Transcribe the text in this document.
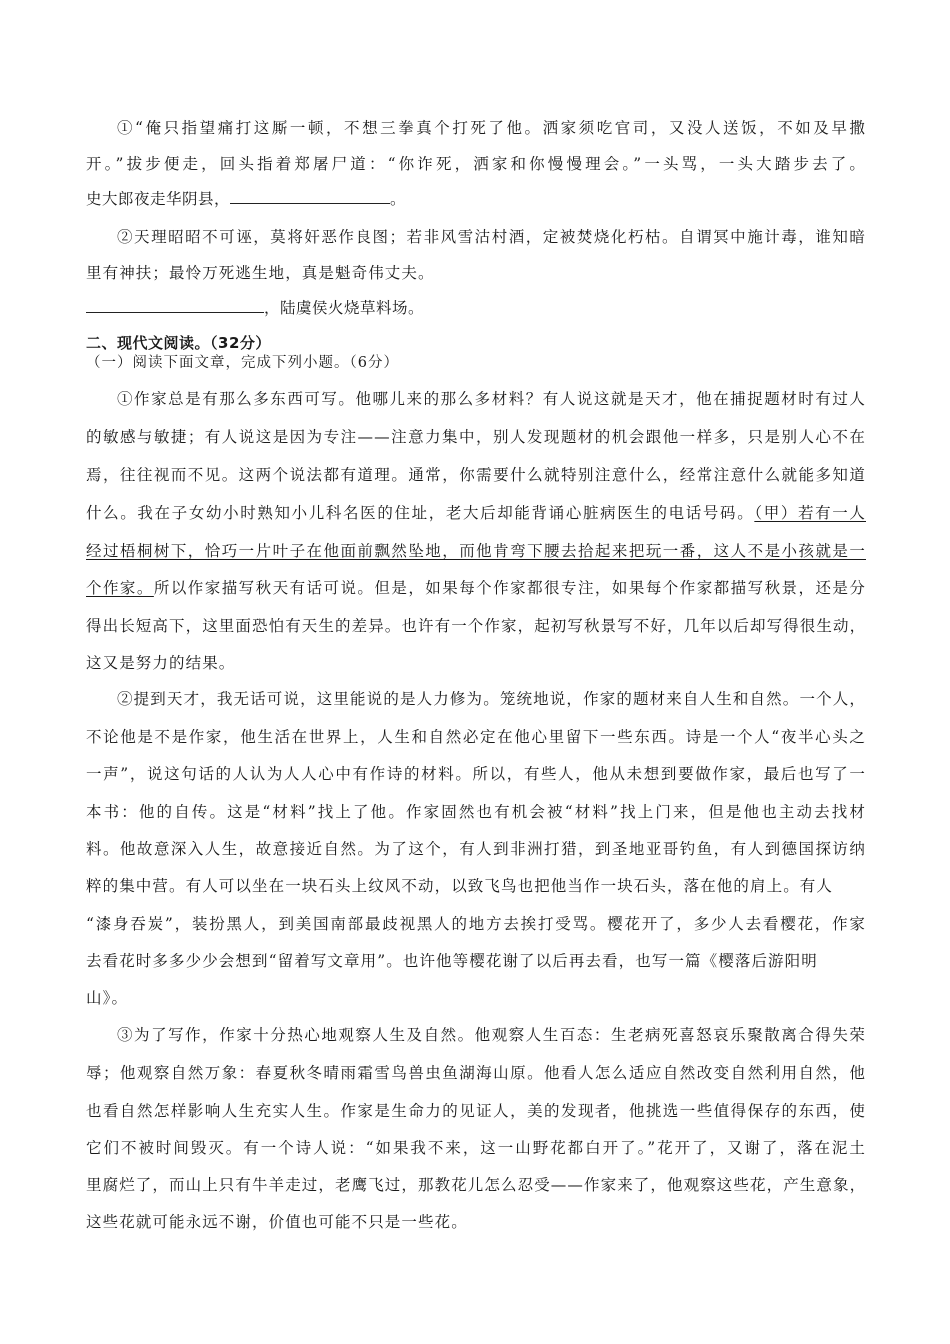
①“俺只指望痛打这厮一顿，不想三拳真个打死了他。洒家须吃官司，又没人送饭，不如及早撒
开。”拔步便走，回头指着郑屠尸道：“你诈死，洒家和你慢慢理会。”一头骂，一头大踏步去了。
史大郎夜走华阴县，	。
②天理昭昭不可诬，莫将奸恶作良图；若非风雪沽村酒，定被焚烧化朽枯。自谓冥中施计毒，谁知暗
里有神扶；最怜万死逃生地，真是魁奇伟丈夫。
，陆虞侯火烧草料场。
二、现代文阅读。（32分）
（一）阅读下面文章，完成下列小题。（6分）
①作家总是有那么多东西可写。他哪儿来的那么多材料？有人说这就是天才，他在捕捉题材时有过人
的敏感与敏捷；有人说这是因为专注——注意力集中，别人发现题材的机会跟他一样多，只是别人心不在
焉，往往视而不见。这两个说法都有道理。通常，你需要什么就特别注意什么，经常注意什么就能多知道
什么。我在子女幼小时熟知小儿科名医的住址，老大后却能背诵心脏病医生的电话号码。（甲）若有一人
经过梧桐树下，恰巧一片叶子在他面前飘然坠地，而他肯弯下腰去拾起来把玩一番，这人不是小孩就是一
个作家。所以作家描写秋天有话可说。但是，如果每个作家都很专注，如果每个作家都描写秋景，还是分
得出长短高下，这里面恐怕有天生的差异。也许有一个作家，起初写秋景写不好，几年以后却写得很生动，
这又是努力的结果。
②提到天才，我无话可说，这里能说的是人力修为。笼统地说，作家的题材来自人生和自然。一个人，
不论他是不是作家，他生活在世界上，人生和自然必定在他心里留下一些东西。诗是一个人“夜半心头之
一声”，说这句话的人认为人人心中有作诗的材料。所以，有些人，他从未想到要做作家，最后也写了一
本书：他的自传。这是“材料”找上了他。作家固然也有机会被“材料”找上门来，但是他也主动去找材
料。他故意深入人生，故意接近自然。为了这个，有人到非洲打猎，到圣地亚哥钓鱼，有人到德国探访纳
粹的集中营。有人可以坐在一块石头上纹风不动，以致飞鸟也把他当作一块石头，落在他的肩上。有人
“漆身吞炭”，装扮黑人，到美国南部最歧视黑人的地方去挨打受骂。樱花开了，多少人去看樱花，作家
去看花时多多少少会想到“留着写文章用”。也许他等樱花谢了以后再去看，也写一篇《樱落后游阳明
山》。
③为了写作，作家十分热心地观察人生及自然。他观察人生百态：生老病死喜怒哀乐聚散离合得失荣
辱；他观察自然万象：春夏秋冬晴雨霜雪鸟兽虫鱼湖海山原。他看人怎么适应自然改变自然利用自然，他
也看自然怎样影响人生充实人生。作家是生命力的见证人，美的发现者，他挑选一些值得保存的东西，使
它们不被时间毁灭。有一个诗人说：“如果我不来，这一山野花都白开了。”花开了，又谢了，落在泥土
里腐烂了，而山上只有牛羊走过，老鹰飞过，那教花儿怎么忍受——作家来了，他观察这些花，产生意象，
这些花就可能永远不谢，价值也可能不只是一些花。
